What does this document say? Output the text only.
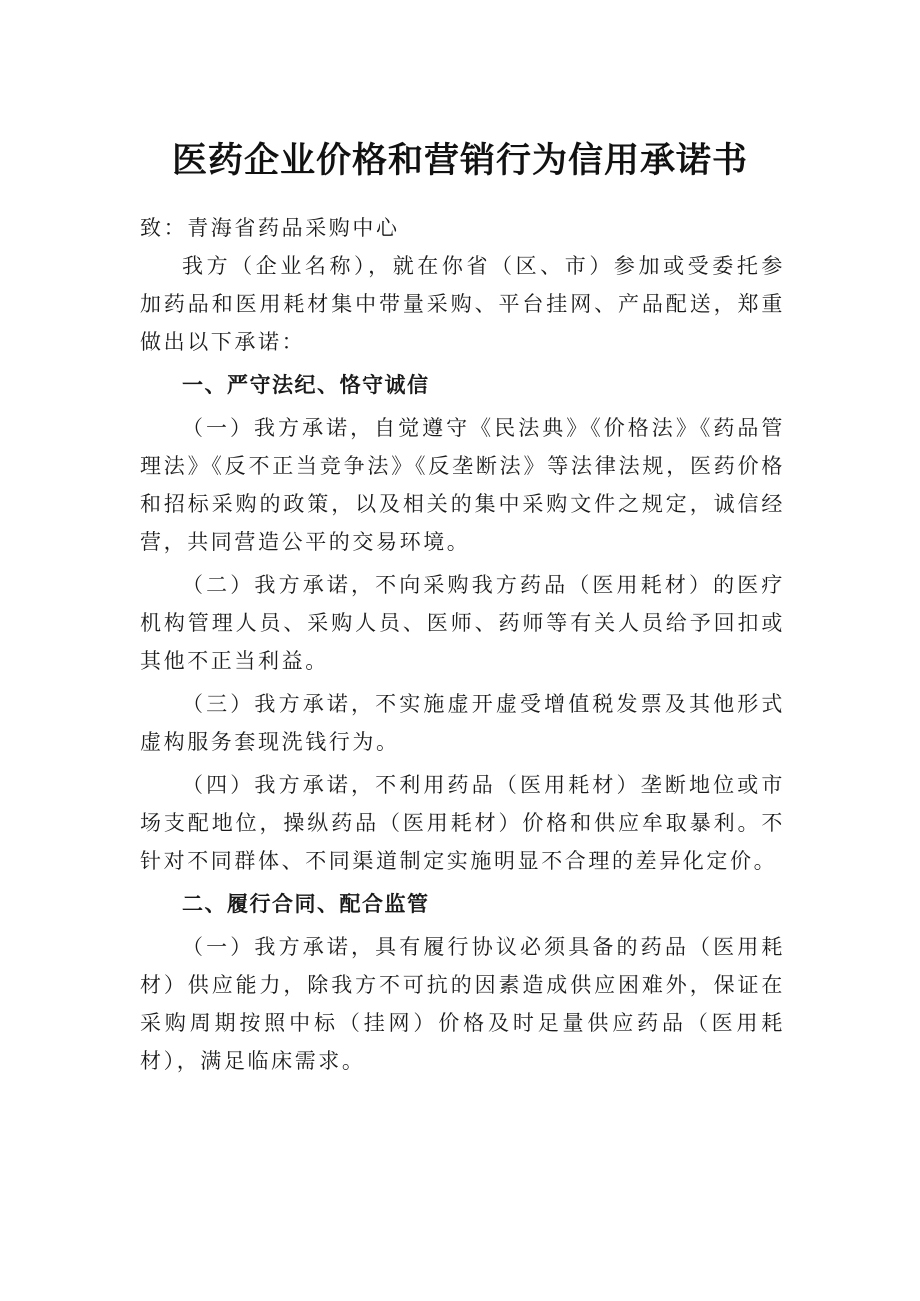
医药企业价格和营销行为信用承诺书

致：青海省药品采购中心

我方（企业名称），就在你省（区、市）参加或受委托参加药品和医用耗材集中带量采购、平台挂网、产品配送，郑重做出以下承诺：

一、严守法纪、恪守诚信

（一）我方承诺，自觉遵守《民法典》《价格法》《药品管理法》《反不正当竞争法》《反垄断法》等法律法规，医药价格和招标采购的政策，以及相关的集中采购文件之规定，诚信经营，共同营造公平的交易环境。

（二）我方承诺，不向采购我方药品（医用耗材）的医疗机构管理人员、采购人员、医师、药师等有关人员给予回扣或其他不正当利益。

（三）我方承诺，不实施虚开虚受增值税发票及其他形式虚构服务套现洗钱行为。

（四）我方承诺，不利用药品（医用耗材）垄断地位或市场支配地位，操纵药品（医用耗材）价格和供应牟取暴利。不针对不同群体、不同渠道制定实施明显不合理的差异化定价。

二、履行合同、配合监管

（一）我方承诺，具有履行协议必须具备的药品（医用耗材）供应能力，除我方不可抗的因素造成供应困难外，保证在采购周期按照中标（挂网）价格及时足量供应药品（医用耗材），满足临床需求。
